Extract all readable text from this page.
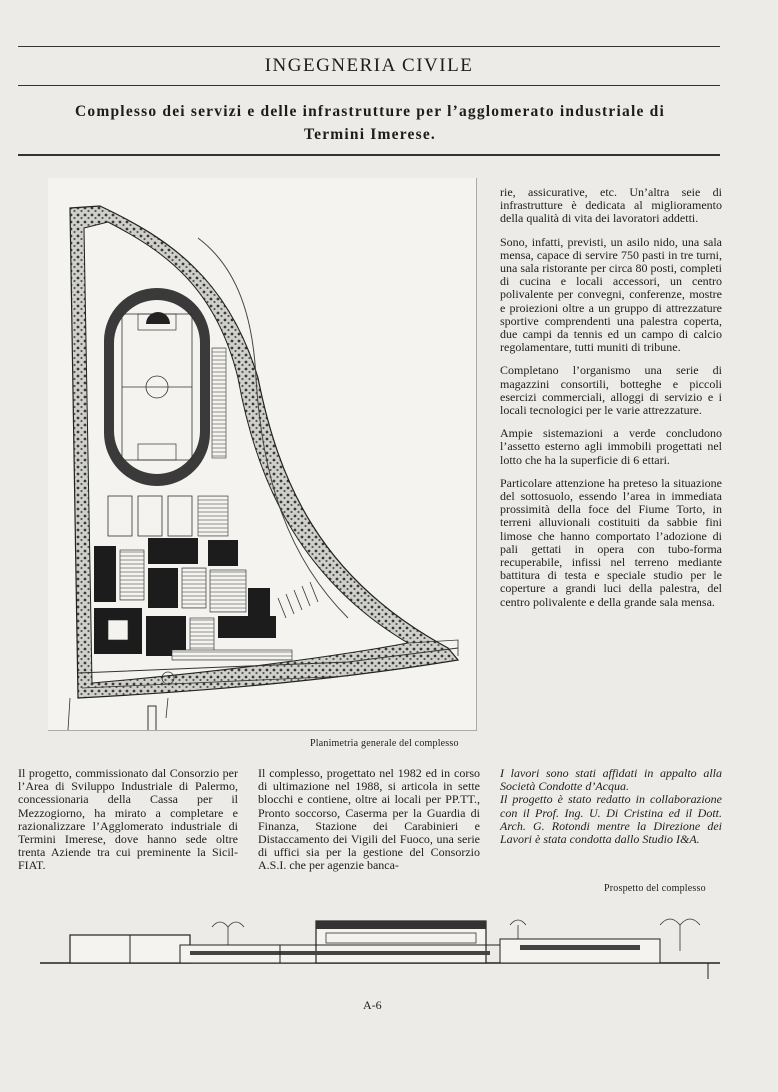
INGEGNERIA CIVILE
Complesso dei servizi e delle infrastrutture per l’agglomerato industriale di
Termini Imerese.
Planimetria generale del complesso

rie, assicurative, etc. Un’altra seie di infrastrutture è dedicata al miglioramento della qualità di vita dei lavoratori addetti.

Sono, infatti, previsti, un asilo nido, una sala mensa, capace di servire 750 pasti in tre turni, una sala ristorante per circa 80 posti, completi di cucina e locali accessori, un centro polivalente per convegni, conferenze, mostre e proiezioni oltre a un gruppo di attrezzature sportive comprendenti una palestra coperta, due campi da tennis ed un campo di calcio regolamentare, tutti muniti di tribune.

Completano l’organismo una serie di magazzini consortili, botteghe e piccoli esercizi commerciali, alloggi di servizio e i locali tecnologici per le varie attrezzature.

Ampie sistemazioni a verde concludono l’assetto esterno agli immobili progettati nel lotto che ha la superficie di 6 ettari.

Particolare attenzione ha preteso la situazione del sottosuolo, essendo l’area in immediata prossimità della foce del Fiume Torto, in terreni alluvionali costituiti da sabbie fini limose che hanno comportato l’adozione di pali gettati in opera con tubo-forma recuperabile, infissi nel terreno mediante battitura di testa e speciale studio per le coperture a grandi luci della palestra, del centro polivalente e della grande sala mensa.

Il progetto, commissionato dal Consorzio per l’Area di Sviluppo Industriale di Palermo, concessionaria della Cassa per il Mezzogiorno, ha mirato a completare e razionalizzare l’Agglomerato industriale di Termini Imerese, dove hanno sede oltre trenta Aziende tra cui preminente la Sicil-FIAT.
Il complesso, progettato nel 1982 ed in corso di ultimazione nel 1988, si articola in sette blocchi e contiene, oltre ai locali per PP.TT., Pronto soccorso, Caserma per la Guardia di Finanza, Stazione dei Carabinieri e Distaccamento dei Vigili del Fuoco, una serie di uffici sia per la gestione del Consorzio A.S.I. che per agenzie banca-
I lavori sono stati affidati in appalto alla Società Condotte d’Acqua.
Il progetto è stato redatto in collaborazione con il Prof. Ing. U. Di Cristina ed il Dott. Arch. G. Rotondi mentre la Direzione dei Lavori è stata condotta dallo Studio I&A.
Prospetto del complesso
A-6
